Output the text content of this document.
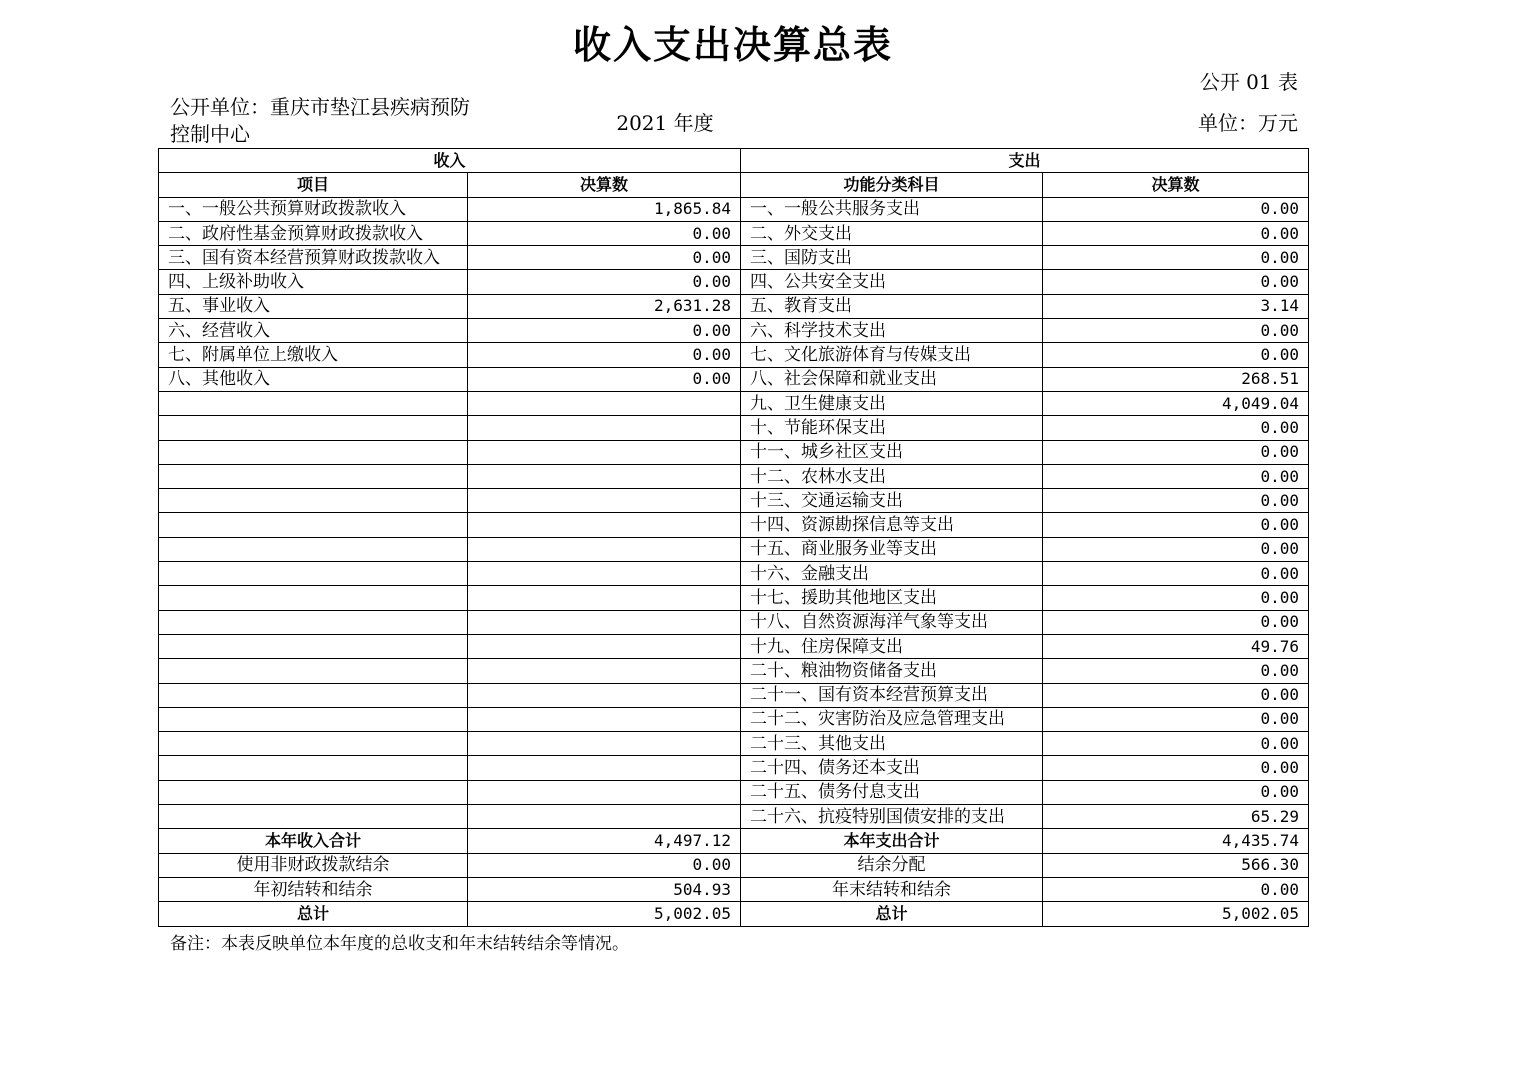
收入支出决算总表
公开 01 表
公开单位：重庆市垫江县疾病预防控制中心	2021 年度	单位：万元
收入		支出	
项目	决算数	功能分类科目	决算数
一、一般公共预算财政拨款收入	1,865.84	一、一般公共服务支出	0.00
二、政府性基金预算财政拨款收入	0.00	二、外交支出	0.00
三、国有资本经营预算财政拨款收入	0.00	三、国防支出	0.00
四、上级补助收入	0.00	四、公共安全支出	0.00
五、事业收入	2,631.28	五、教育支出	3.14
六、经营收入	0.00	六、科学技术支出	0.00
七、附属单位上缴收入	0.00	七、文化旅游体育与传媒支出	0.00
八、其他收入	0.00	八、社会保障和就业支出	268.51
		九、卫生健康支出	4,049.04
		十、节能环保支出	0.00
		十一、城乡社区支出	0.00
		十二、农林水支出	0.00
		十三、交通运输支出	0.00
		十四、资源勘探信息等支出	0.00
		十五、商业服务业等支出	0.00
		十六、金融支出	0.00
		十七、援助其他地区支出	0.00
		十八、自然资源海洋气象等支出	0.00
		十九、住房保障支出	49.76
		二十、粮油物资储备支出	0.00
		二十一、国有资本经营预算支出	0.00
		二十二、灾害防治及应急管理支出	0.00
		二十三、其他支出	0.00
		二十四、债务还本支出	0.00
		二十五、债务付息支出	0.00
		二十六、抗疫特别国债安排的支出	65.29
本年收入合计	4,497.12	本年支出合计	4,435.74
使用非财政拨款结余	0.00	结余分配	566.30
年初结转和结余	504.93	年末结转和结余	0.00
总计	5,002.05	总计	5,002.05
备注：本表反映单位本年度的总收支和年末结转结余等情况。
